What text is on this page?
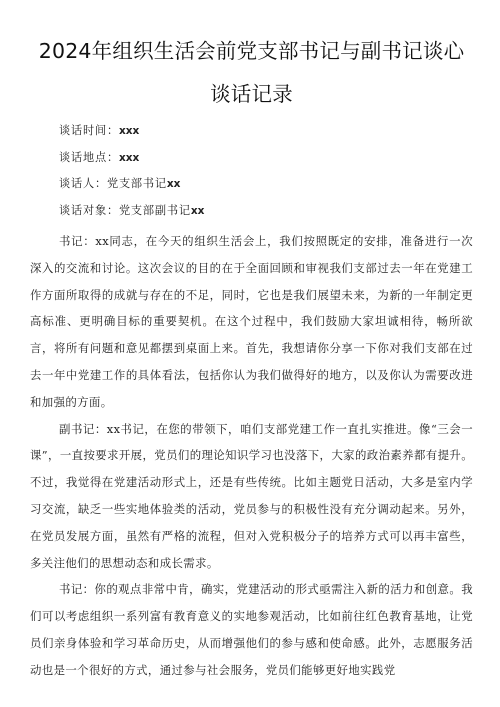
2024年组织生活会前党支部书记与副书记谈心谈话记录

谈话时间：xxx

谈话地点：xxx

谈话人：党支部书记xx

谈话对象：党支部副书记xx

书记：xx同志，在今天的组织生活会上，我们按照既定的安排，准备进行一次深入的交流和讨论。这次会议的目的在于全面回顾和审视我们支部过去一年在党建工作方面所取得的成就与存在的不足，同时，它也是我们展望未来，为新的一年制定更高标准、更明确目标的重要契机。在这个过程中，我们鼓励大家坦诚相待，畅所欲言，将所有问题和意见都摆到桌面上来。首先，我想请你分享一下你对我们支部在过去一年中党建工作的具体看法，包括你认为我们做得好的地方，以及你认为需要改进和加强的方面。

副书记：xx书记，在您的带领下，咱们支部党建工作一直扎实推进。像“三会一课”，一直按要求开展，党员们的理论知识学习也没落下，大家的政治素养都有提升。不过，我觉得在党建活动形式上，还是有些传统。比如主题党日活动，大多是室内学习交流，缺乏一些实地体验类的活动，党员参与的积极性没有充分调动起来。另外，在党员发展方面，虽然有严格的流程，但对入党积极分子的培养方式可以再丰富些，多关注他们的思想动态和成长需求。

书记：你的观点非常中肯，确实，党建活动的形式亟需注入新的活力和创意。我们可以考虑组织一系列富有教育意义的实地参观活动，比如前往红色教育基地，让党员们亲身体验和学习革命历史，从而增强他们的参与感和使命感。此外，志愿服务活动也是一个很好的方式，通过参与社会服务，党员们能够更好地实践党
